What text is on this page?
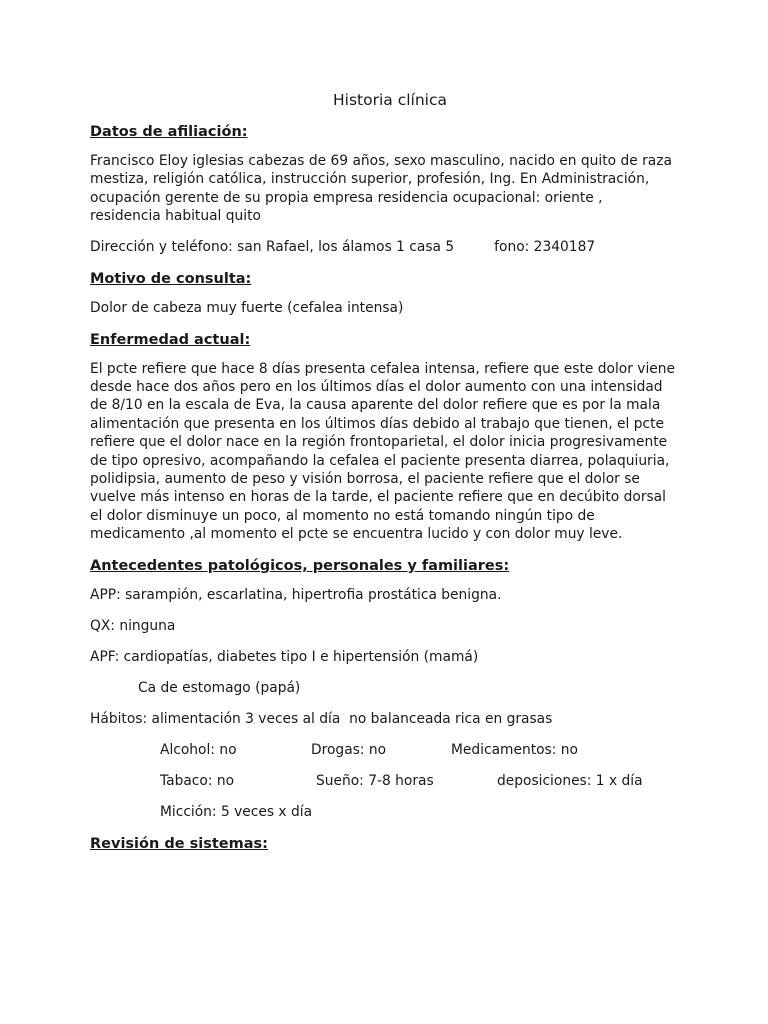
Historia clínica
Datos de afiliación:
Francisco Eloy iglesias cabezas de 69 años, sexo masculino, nacido en quito de raza
mestiza, religión católica, instrucción superior, profesión, Ing. En Administración,
ocupación gerente de su propia empresa residencia ocupacional: oriente ,
residencia habitual quito
Dirección y teléfono: san Rafael, los álamos 1 casa 5	fono: 2340187
Motivo de consulta:
Dolor de cabeza muy fuerte (cefalea intensa)
Enfermedad actual:
El pcte refiere que hace 8 días presenta cefalea intensa, refiere que este dolor viene
desde hace dos años pero en los últimos días el dolor aumento con una intensidad
de 8/10 en la escala de Eva, la causa aparente del dolor refiere que es por la mala
alimentación que presenta en los últimos días debido al trabajo que tienen, el pcte
refiere que el dolor nace en la región frontoparietal, el dolor inicia progresivamente
de tipo opresivo, acompañando la cefalea el paciente presenta diarrea, polaquiuria,
polidipsia, aumento de peso y visión borrosa, el paciente refiere que el dolor se
vuelve más intenso en horas de la tarde, el paciente refiere que en decúbito dorsal
el dolor disminuye un poco, al momento no está tomando ningún tipo de
medicamento ,al momento el pcte se encuentra lucido y con dolor muy leve.
Antecedentes patológicos, personales y familiares:
APP: sarampión, escarlatina, hipertrofia prostática benigna.
QX: ninguna
APF: cardiopatías, diabetes tipo I e hipertensión (mamá)
Ca de estomago (papá)
Hábitos: alimentación 3 veces al día  no balanceada rica en grasas
Alcohol: no	Drogas: no	Medicamentos: no
Tabaco: no	Sueño: 7-8 horas	deposiciones: 1 x día
Micción: 5 veces x día
Revisión de sistemas:
